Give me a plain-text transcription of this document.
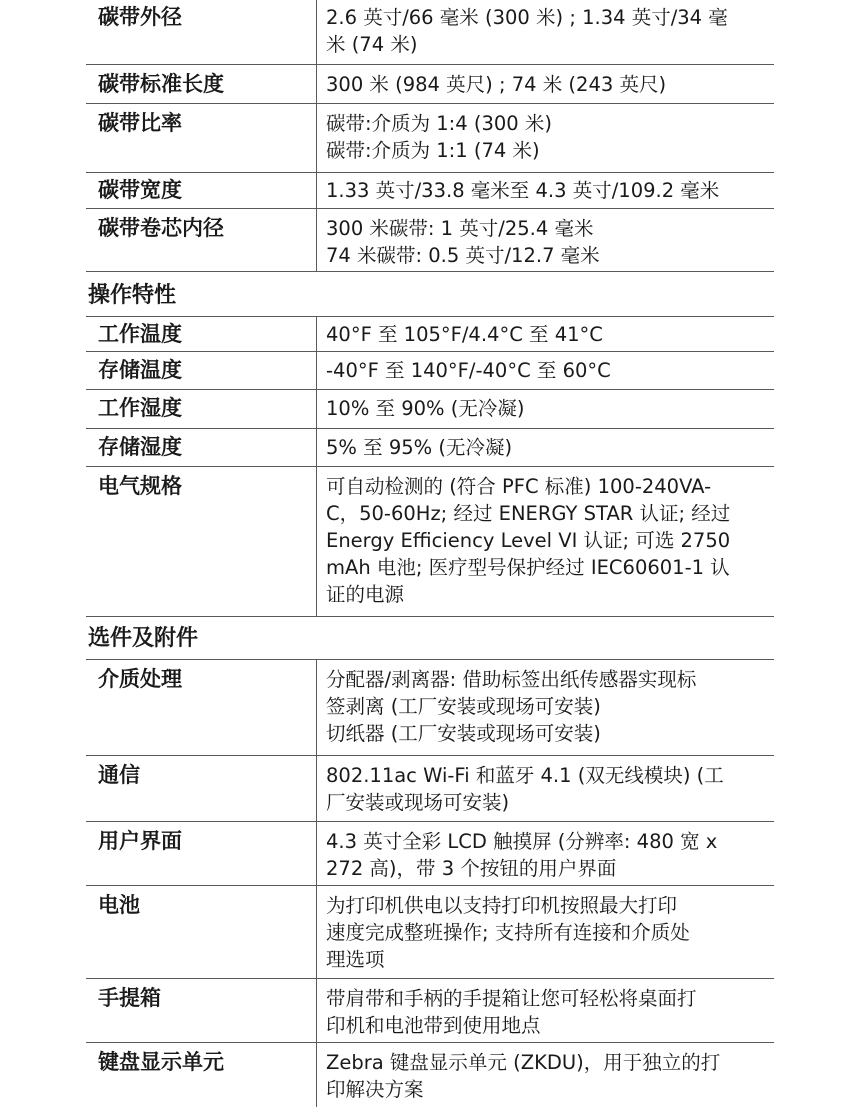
碳带外径	2.6 英寸/66 毫米 (300 米) ; 1.34 英寸/34 毫
米 (74 米)
碳带标准长度	300 米 (984 英尺) ; 74 米 (243 英尺)
碳带比率	碳带:介质为 1:4 (300 米)
碳带:介质为 1:1 (74 米)
碳带宽度	1.33 英寸/33.8 毫米至 4.3 英寸/109.2 毫米
碳带卷芯内径	300 米碳带: 1 英寸/25.4 毫米
74 米碳带: 0.5 英寸/12.7 毫米
操作特性
工作温度	40°F 至 105°F/4.4°C 至 41°C
存储温度	-40°F 至 140°F/-40°C 至 60°C
工作湿度	10% 至 90% (无冷凝)
存储湿度	5% 至 95% (无冷凝)
电气规格	可自动检测的 (符合 PFC 标准) 100-240VA-
C，50-60Hz; 经过 ENERGY STAR 认证; 经过
Energy Efficiency Level VI 认证; 可选 2750
mAh 电池; 医疗型号保护经过 IEC60601-1 认
证的电源
选件及附件
介质处理	分配器/剥离器: 借助标签出纸传感器实现标
签剥离 (工厂安装或现场可安装)
切纸器 (工厂安装或现场可安装)
通信	802.11ac Wi-Fi 和蓝牙 4.1 (双无线模块) (工
厂安装或现场可安装)
用户界面	4.3 英寸全彩 LCD 触摸屏 (分辨率: 480 宽 x
272 高)，带 3 个按钮的用户界面
电池	为打印机供电以支持打印机按照最大打印
速度完成整班操作; 支持所有连接和介质处
理选项
手提箱	带肩带和手柄的手提箱让您可轻松将桌面打
印机和电池带到使用地点
键盘显示单元	Zebra 键盘显示单元 (ZKDU)，用于独立的打
印解决方案
